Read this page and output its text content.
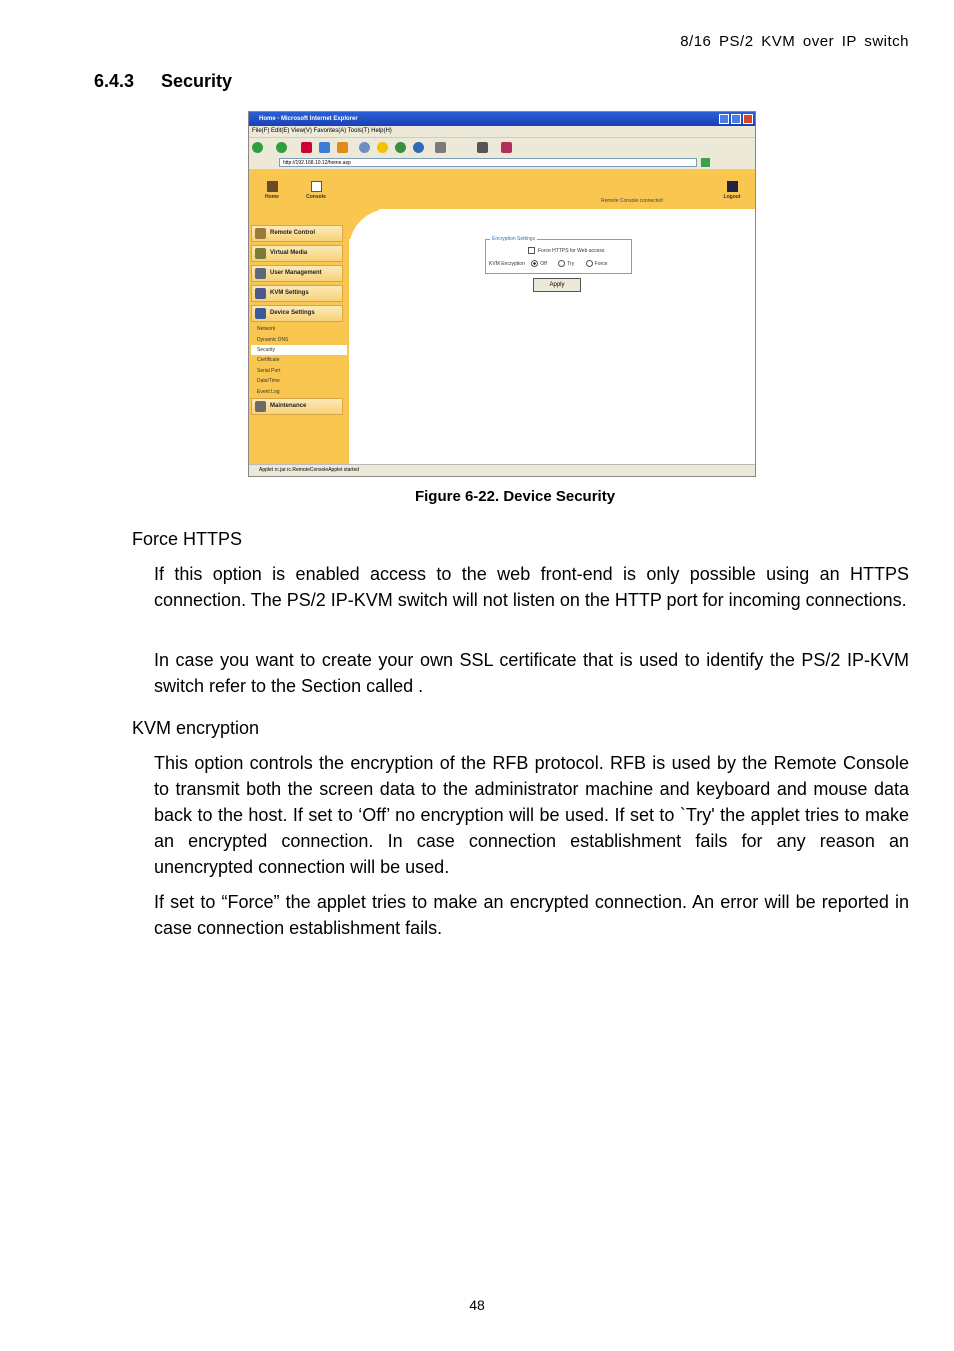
8/16 PS/2 KVM over IP switch
6.4.3 Security
Home - Microsoft Internet Explorer
File(F) Edit(E) View(V) Favorites(A) Tools(T) Help(H)
http://192.168.10.12/home.asp
Home	Console	Logout
Remote Console connected
Remote Control
Virtual Media
User Management
KVM Settings
Device Settings
Network
Dynamic DNS
Security
Certificate
Serial Port
Date/Time
Event Log
Maintenance
Encryption Settings
Force HTTPS for Web access
KVM Encryption	Off	Try	Force
Apply
Applet rc.jar.rc.RemoteConsoleApplet started
Figure 6-22. Device Security
Force HTTPS
If this option is enabled access to the web front-end is only possible using an HTTPS connection. The PS/2 IP-KVM switch will not listen on the HTTP port for incoming connections.
In case you want to create your own SSL certificate that is used to identify the PS/2 IP-KVM switch refer to the Section called .
KVM encryption
This option controls the encryption of the RFB protocol. RFB is used by the Remote Console to transmit both the screen data to the administrator machine and keyboard and mouse data back to the host. If set to ‘Off’ no encryption will be used. If set to `Try' the applet tries to make an encrypted connection. In case connection establishment fails for any reason an unencrypted connection will be used.
If set to “Force” the applet tries to make an encrypted connection. An error will be reported in case connection establishment fails.
48
